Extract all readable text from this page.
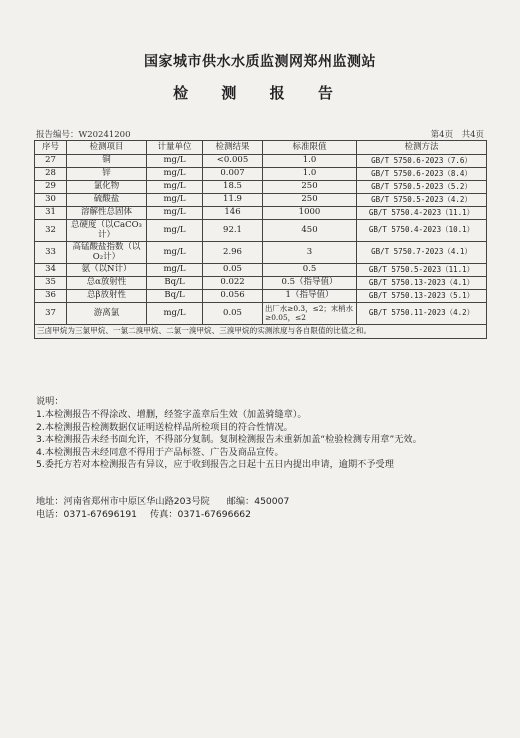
国家城市供水水质监测网郑州监测站
检 测 报 告
报告编号：W20241200	第4页　共4页
序号	检测项目	计量单位	检测结果	标准限值	检测方法
27	铜	mg/L	<0.005	1.0	GB/T 5750.6-2023（7.6）
28	锌	mg/L	0.007	1.0	GB/T 5750.6-2023（8.4）
29	氯化物	mg/L	18.5	250	GB/T 5750.5-2023（5.2）
30	硫酸盐	mg/L	11.9	250	GB/T 5750.5-2023（4.2）
31	溶解性总固体	mg/L	146	1000	GB/T 5750.4-2023（11.1）
32	总硬度（以CaCO₃计）	mg/L	92.1	450	GB/T 5750.4-2023（10.1）
33	高锰酸盐指数（以O₂计）	mg/L	2.96	3	GB/T 5750.7-2023（4.1）
34	氨（以N计）	mg/L	0.05	0.5	GB/T 5750.5-2023（11.1）
35	总α放射性	Bq/L	0.022	0.5（指导值）	GB/T 5750.13-2023（4.1）
36	总β放射性	Bq/L	0.056	1（指导值）	GB/T 5750.13-2023（5.1）
37	游离氯	mg/L	0.05	出厂水≥0.3，≤2；末梢水≥0.05，≤2	GB/T 5750.11-2023（4.2）
三卤甲烷为三氯甲烷、一氯二溴甲烷、二氯一溴甲烷、三溴甲烷的实测浓度与各自限值的比值之和。					
说明：
1.本检测报告不得涂改、增删，经签字盖章后生效（加盖骑缝章）。
2.本检测报告检测数据仅证明送检样品所检项目的符合性情况。
3.本检测报告未经书面允许，不得部分复制。复制检测报告未重新加盖“检验检测专用章”无效。
4.本检测报告未经同意不得用于产品标签、广告及商品宣传。
5.委托方若对本检测报告有异议，应于收到报告之日起十五日内提出申请，逾期不予受理
地址：河南省郑州市中原区华山路203号院 邮编：450007
电话：0371-67696191 传真：0371-67696662
